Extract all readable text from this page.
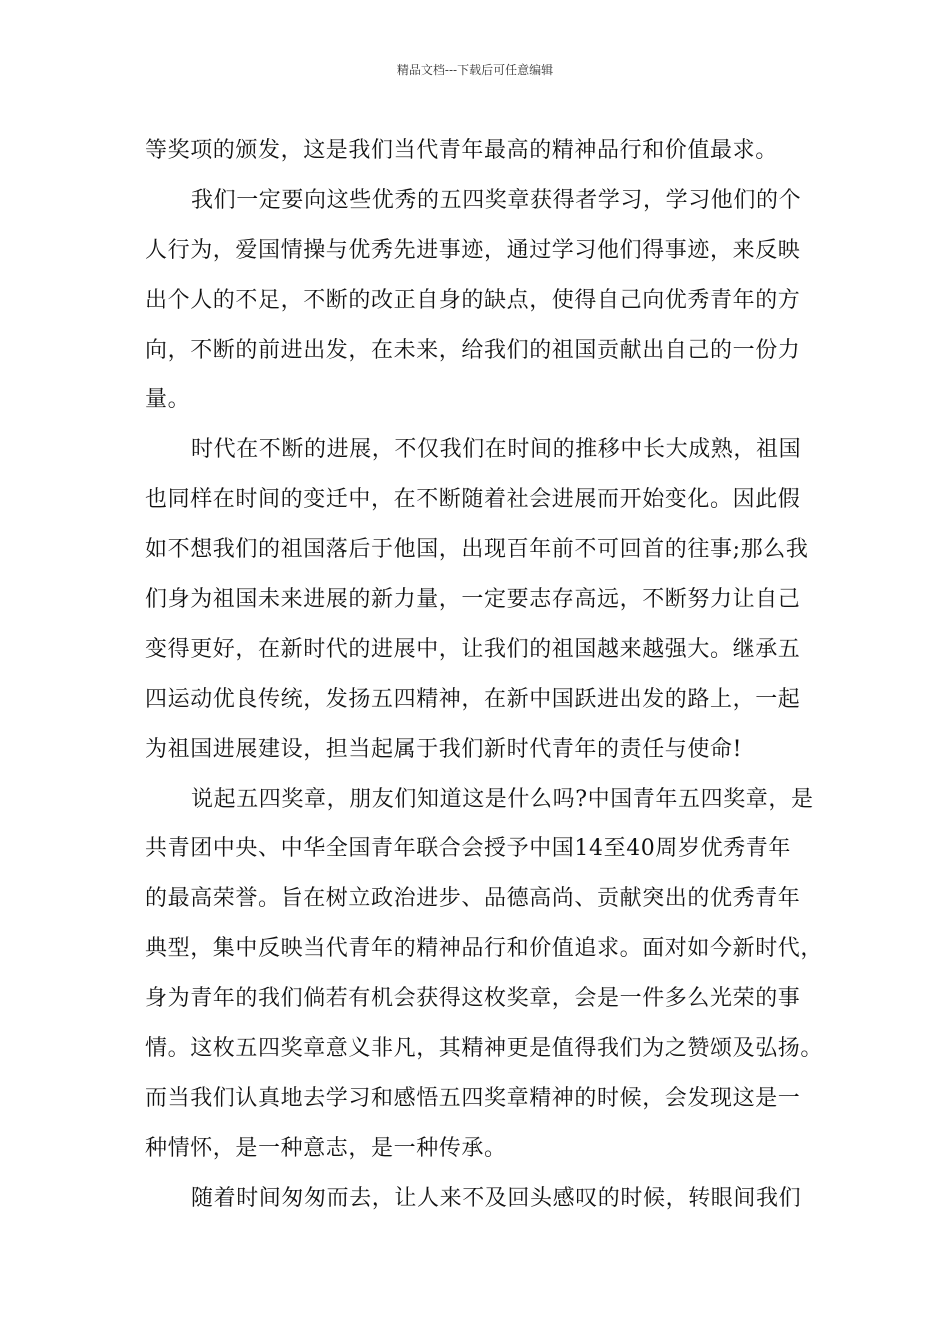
精品文档---下载后可任意编辑
等奖项的颁发，这是我们当代青年最高的精神品行和价值最求。
我们一定要向这些优秀的五四奖章获得者学习，学习他们的个
人行为，爱国情操与优秀先进事迹，通过学习他们得事迹，来反映
出个人的不足，不断的改正自身的缺点，使得自己向优秀青年的方
向，不断的前进出发，在未来，给我们的祖国贡献出自己的一份力
量。
时代在不断的进展，不仅我们在时间的推移中长大成熟，祖国
也同样在时间的变迁中，在不断随着社会进展而开始变化。因此假
如不想我们的祖国落后于他国，出现百年前不可回首的往事;那么我
们身为祖国未来进展的新力量，一定要志存高远，不断努力让自己
变得更好，在新时代的进展中，让我们的祖国越来越强大。继承五
四运动优良传统，发扬五四精神，在新中国跃进出发的路上，一起
为祖国进展建设，担当起属于我们新时代青年的责任与使命!
说起五四奖章，朋友们知道这是什么吗?中国青年五四奖章，是
共青团中央、中华全国青年联合会授予中国14至40周岁优秀青年
的最高荣誉。旨在树立政治进步、品德高尚、贡献突出的优秀青年
典型，集中反映当代青年的精神品行和价值追求。面对如今新时代，
身为青年的我们倘若有机会获得这枚奖章，会是一件多么光荣的事
情。这枚五四奖章意义非凡，其精神更是值得我们为之赞颂及弘扬。
而当我们认真地去学习和感悟五四奖章精神的时候，会发现这是一
种情怀，是一种意志，是一种传承。
随着时间匆匆而去，让人来不及回头感叹的时候，转眼间我们
